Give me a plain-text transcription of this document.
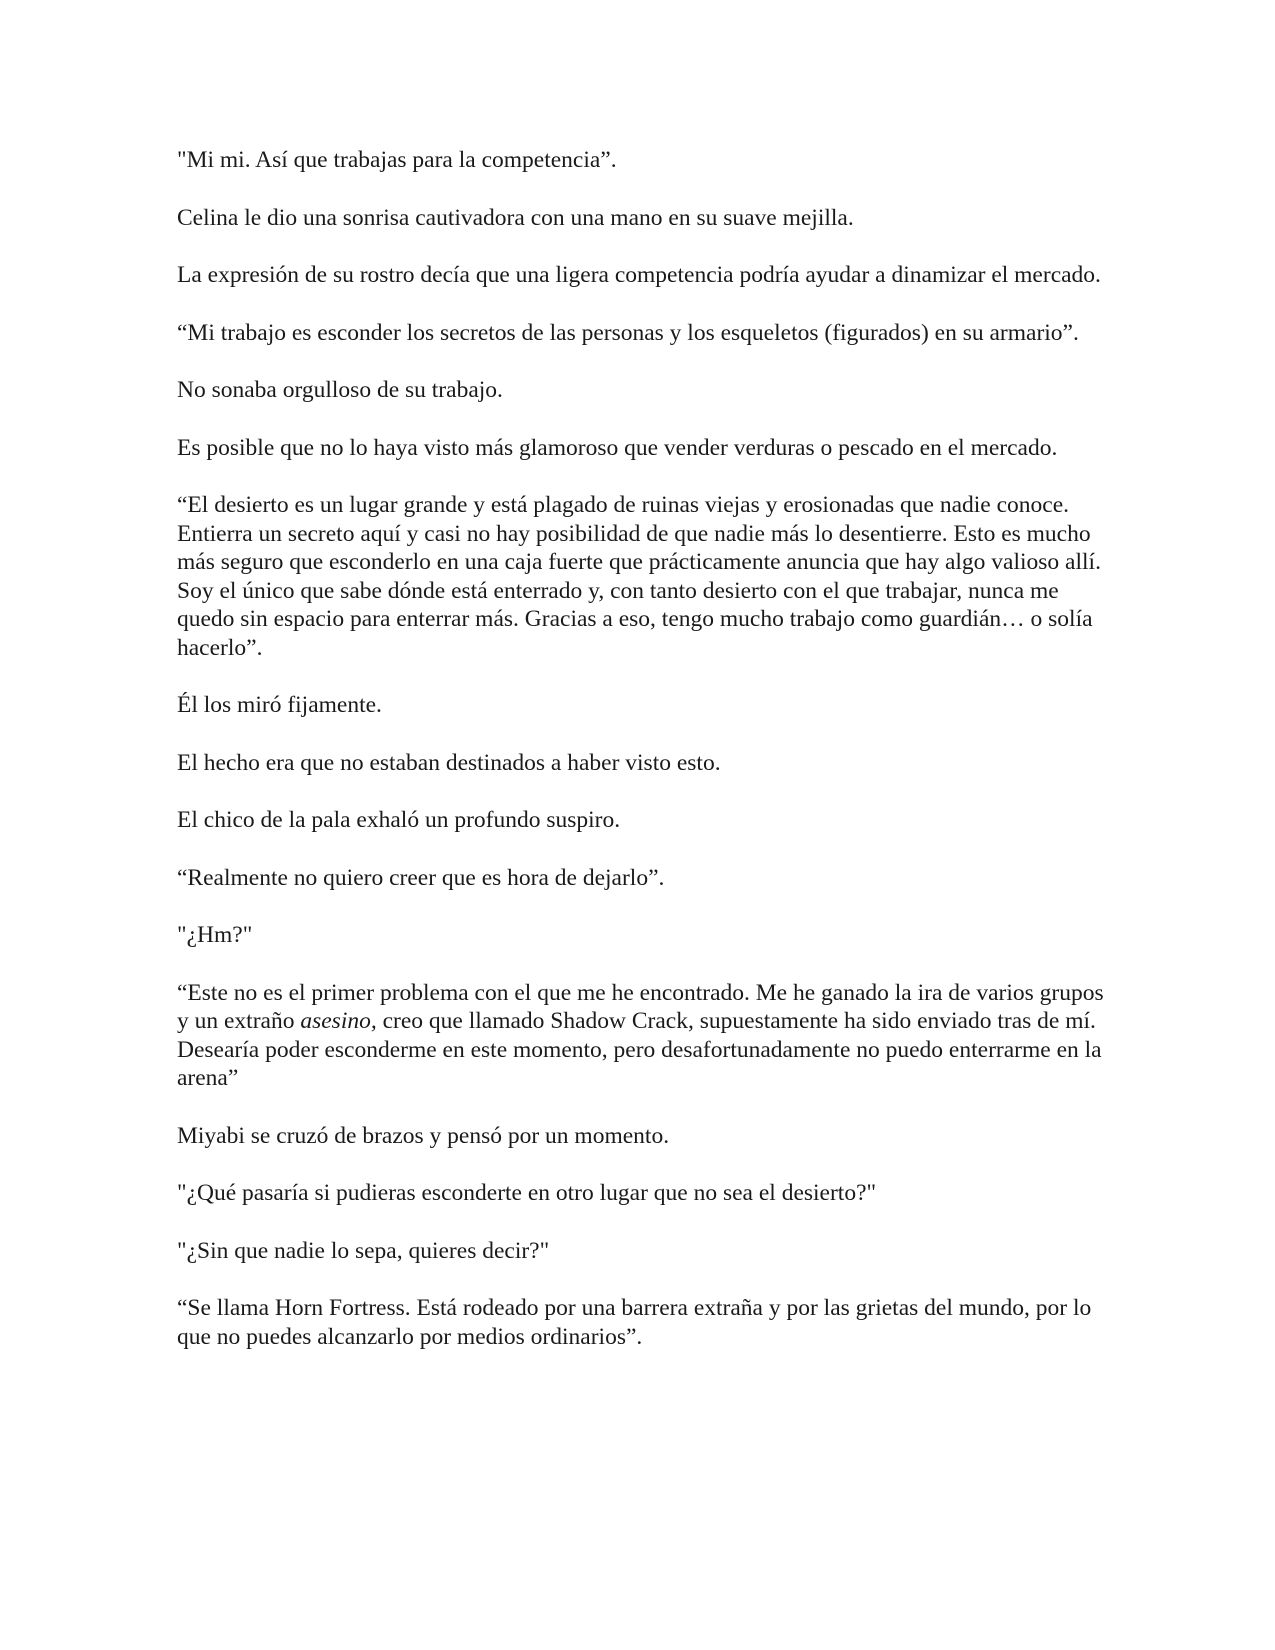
"Mi mi. Así que trabajas para la competencia”.

Celina le dio una sonrisa cautivadora con una mano en su suave mejilla.

La expresión de su rostro decía que una ligera competencia podría ayudar a dinamizar el mercado.

“Mi trabajo es esconder los secretos de las personas y los esqueletos (figurados) en su armario”.

No sonaba orgulloso de su trabajo.

Es posible que no lo haya visto más glamoroso que vender verduras o pescado en el mercado.

“El desierto es un lugar grande y está plagado de ruinas viejas y erosionadas que nadie conoce. Entierra un secreto aquí y casi no hay posibilidad de que nadie más lo desentierre. Esto es mucho más seguro que esconderlo en una caja fuerte que prácticamente anuncia que hay algo valioso allí. Soy el único que sabe dónde está enterrado y, con tanto desierto con el que trabajar, nunca me quedo sin espacio para enterrar más. Gracias a eso, tengo mucho trabajo como guardián… o solía hacerlo”.

Él los miró fijamente.

El hecho era que no estaban destinados a haber visto esto.

El chico de la pala exhaló un profundo suspiro.

“Realmente no quiero creer que es hora de dejarlo”.

"¿Hm?"

“Este no es el primer problema con el que me he encontrado. Me he ganado la ira de varios grupos y un extraño asesino, creo que llamado Shadow Crack, supuestamente ha sido enviado tras de mí. Desearía poder esconderme en este momento, pero desafortunadamente no puedo enterrarme en la arena”

Miyabi se cruzó de brazos y pensó por un momento.

"¿Qué pasaría si pudieras esconderte en otro lugar que no sea el desierto?"

"¿Sin que nadie lo sepa, quieres decir?"

“Se llama Horn Fortress. Está rodeado por una barrera extraña y por las grietas del mundo, por lo que no puedes alcanzarlo por medios ordinarios”.
